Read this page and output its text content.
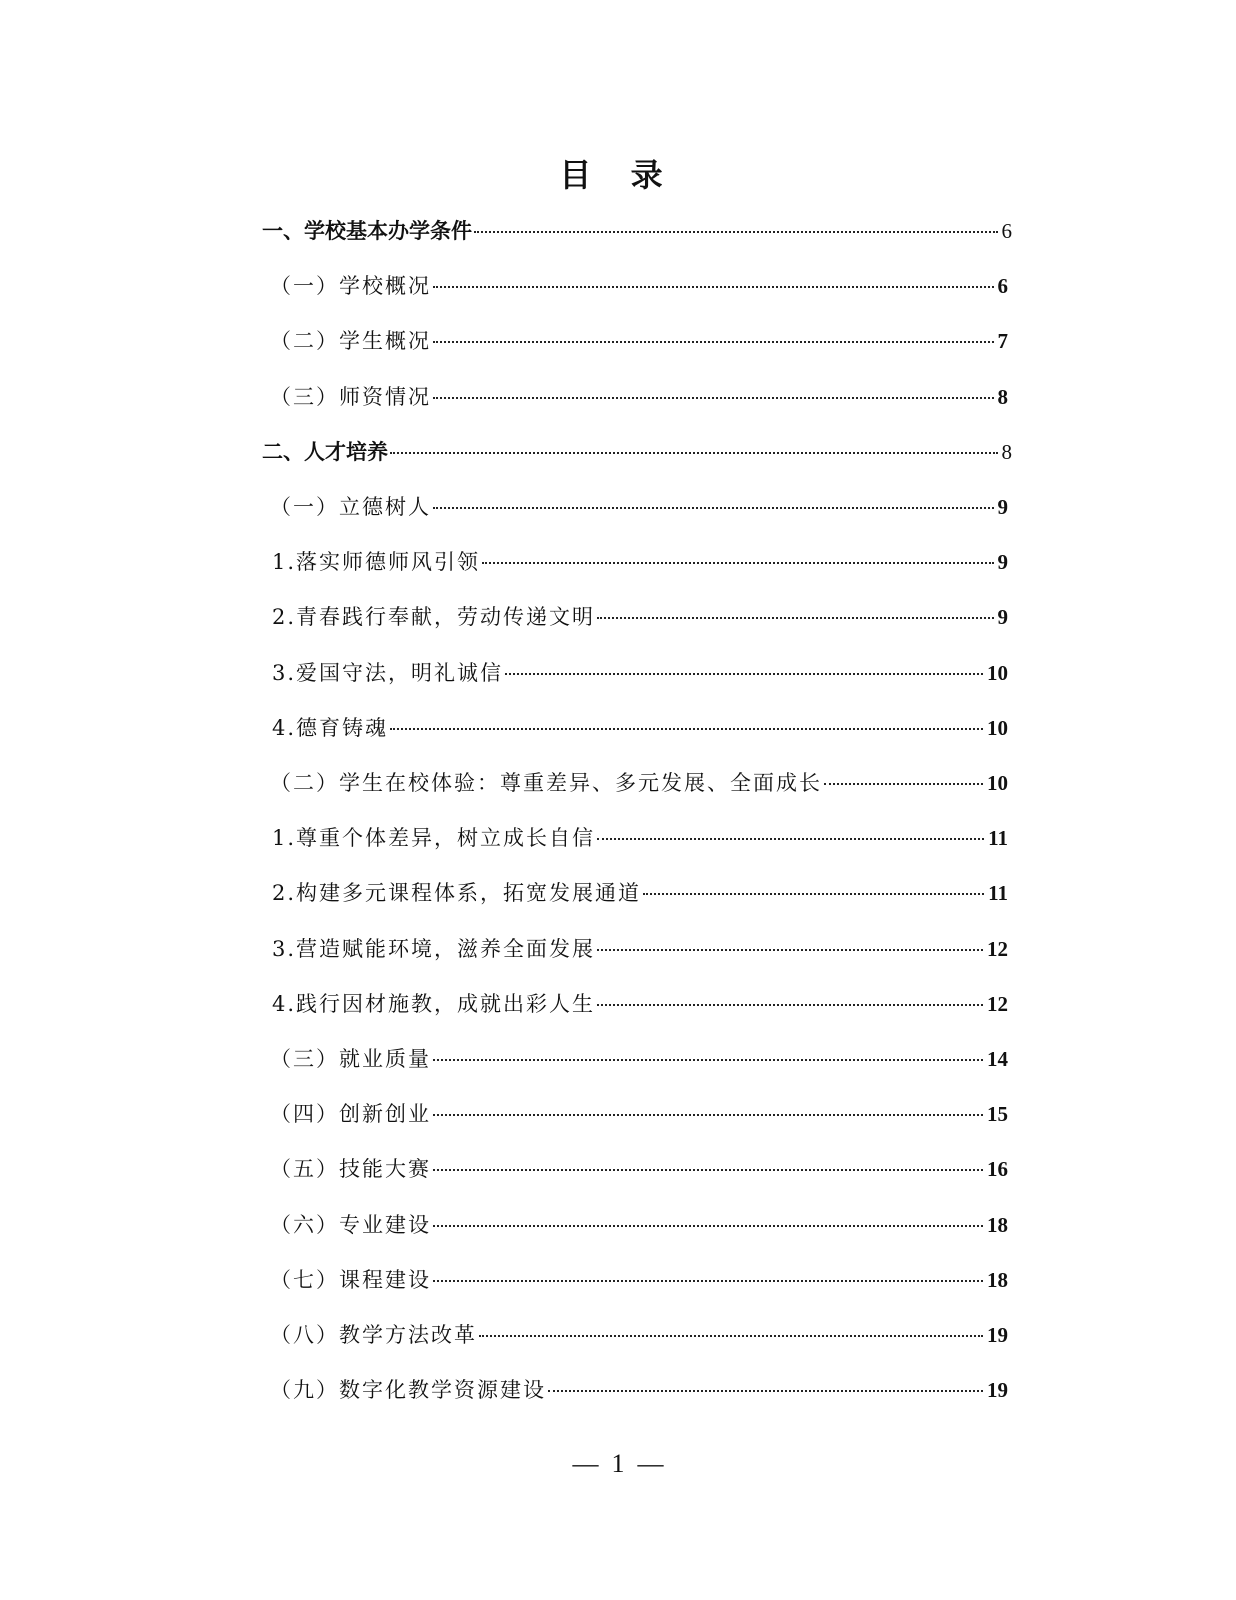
目 录
一、学校基本办学条件	6
（一）学校概况	6
（二）学生概况	7
（三）师资情况	8
二、人才培养	8
（一）立德树人	9
1.落实师德师风引领	9
2.青春践行奉献，劳动传递文明	9
3.爱国守法，明礼诚信	10
4.德育铸魂	10
（二）学生在校体验：尊重差异、多元发展、全面成长	10
1.尊重个体差异，树立成长自信	11
2.构建多元课程体系，拓宽发展通道	11
3.营造赋能环境，滋养全面发展	12
4.践行因材施教，成就出彩人生	12
（三）就业质量	14
（四）创新创业	15
（五）技能大赛	16
（六）专业建设	18
（七）课程建设	18
（八）教学方法改革	19
（九）数字化教学资源建设	19
—  1  —
